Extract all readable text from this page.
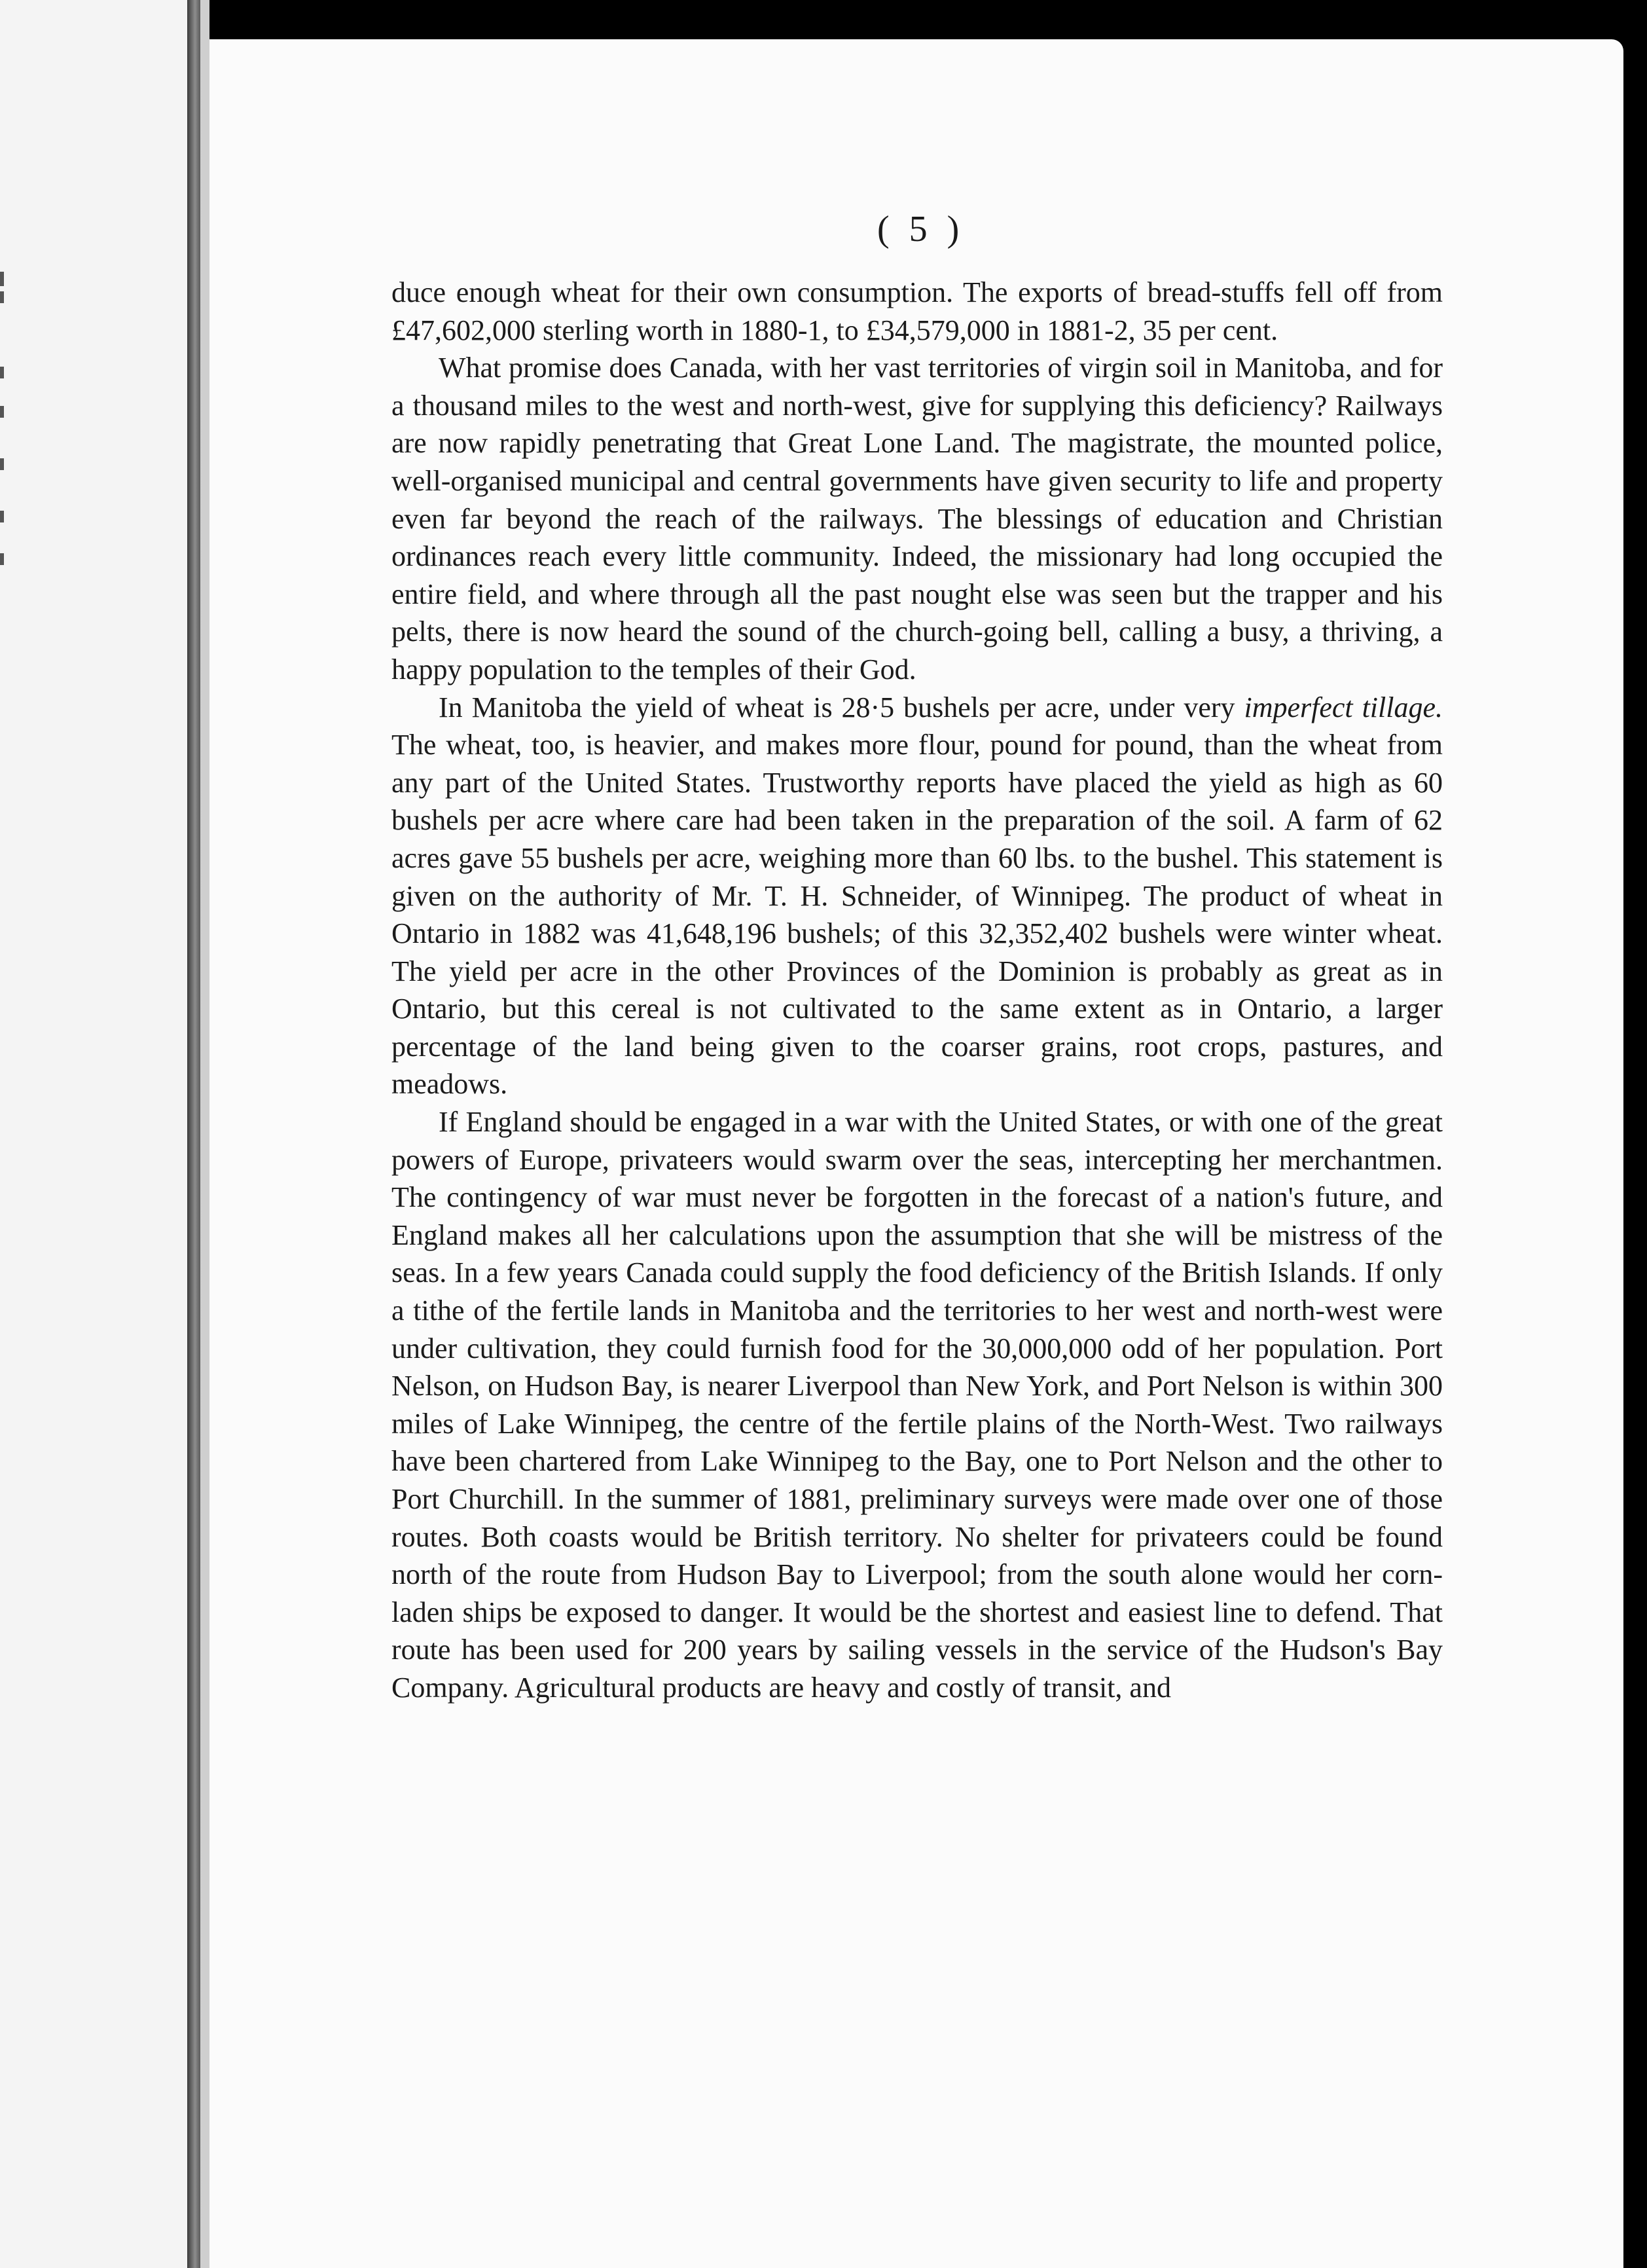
( 5 )

duce enough wheat for their own consumption. The exports of bread-stuffs fell off from £47,602,000 sterling worth in 1880-1, to £34,579,000 in 1881-2, 35 per cent.

What promise does Canada, with her vast territories of virgin soil in Manitoba, and for a thousand miles to the west and north-west, give for supplying this deficiency? Railways are now rapidly penetrating that Great Lone Land. The magistrate, the mounted police, well-organised municipal and central governments have given security to life and property even far beyond the reach of the railways. The blessings of education and Christian ordinances reach every little community. Indeed, the missionary had long occupied the entire field, and where through all the past nought else was seen but the trapper and his pelts, there is now heard the sound of the church-going bell, calling a busy, a thriving, a happy population to the temples of their God.

In Manitoba the yield of wheat is 28·5 bushels per acre, under very imperfect tillage. The wheat, too, is heavier, and makes more flour, pound for pound, than the wheat from any part of the United States. Trustworthy reports have placed the yield as high as 60 bushels per acre where care had been taken in the preparation of the soil. A farm of 62 acres gave 55 bushels per acre, weighing more than 60 lbs. to the bushel. This statement is given on the authority of Mr. T. H. Schneider, of Winnipeg. The product of wheat in Ontario in 1882 was 41,648,196 bushels; of this 32,352,402 bushels were winter wheat. The yield per acre in the other Provinces of the Dominion is probably as great as in Ontario, but this cereal is not cultivated to the same extent as in Ontario, a larger percentage of the land being given to the coarser grains, root crops, pastures, and meadows.

If England should be engaged in a war with the United States, or with one of the great powers of Europe, privateers would swarm over the seas, intercepting her merchantmen. The contingency of war must never be forgotten in the forecast of a nation's future, and England makes all her calculations upon the assumption that she will be mistress of the seas. In a few years Canada could supply the food deficiency of the British Islands. If only a tithe of the fertile lands in Manitoba and the territories to her west and north-west were under cultivation, they could furnish food for the 30,000,000 odd of her population. Port Nelson, on Hudson Bay, is nearer Liverpool than New York, and Port Nelson is within 300 miles of Lake Winnipeg, the centre of the fertile plains of the North-West. Two railways have been chartered from Lake Winnipeg to the Bay, one to Port Nelson and the other to Port Churchill. In the summer of 1881, preliminary surveys were made over one of those routes. Both coasts would be British territory. No shelter for privateers could be found north of the route from Hudson Bay to Liverpool; from the south alone would her corn-laden ships be exposed to danger. It would be the shortest and easiest line to defend. That route has been used for 200 years by sailing vessels in the service of the Hudson's Bay Company. Agricultural products are heavy and costly of transit, and
